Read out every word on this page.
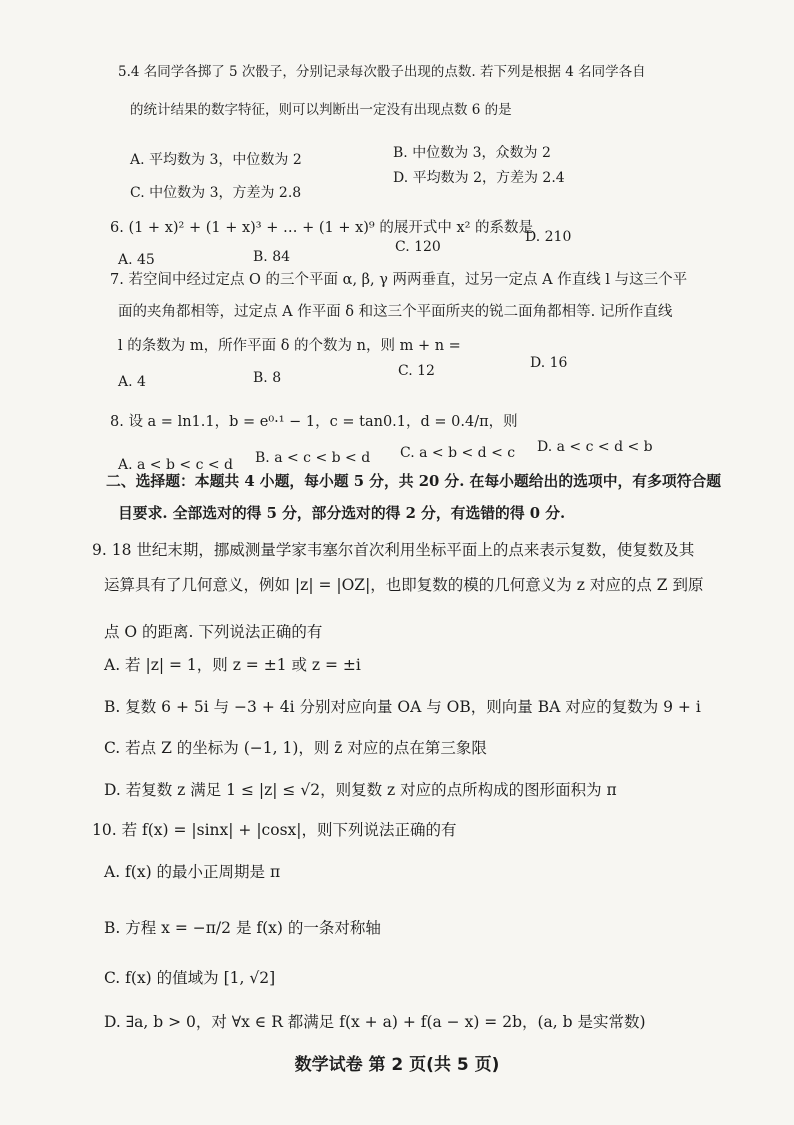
5.4 名同学各掷了 5 次骰子，分别记录每次骰子出现的点数. 若下列是根据 4 名同学各自
的统计结果的数字特征，则可以判断出一定没有出现点数 6 的是
A. 平均数为 3，中位数为 2	B. 中位数为 3，众数为 2
C. 中位数为 3，方差为 2.8
D. 平均数为 2，方差为 2.4
6. (1 + x)² + (1 + x)³ + … + (1 + x)⁹ 的展开式中 x² 的系数是
A. 45	B. 84
C. 120
D. 210
7. 若空间中经过定点 O 的三个平面 α, β, γ 两两垂直，过另一定点 A 作直线 l 与这三个平
面的夹角都相等，过定点 A 作平面 δ 和这三个平面所夹的锐二面角都相等. 记所作直线
l 的条数为 m，所作平面 δ 的个数为 n，则 m + n =
A. 4	B. 8	C. 12	D. 16
8. 设 a = ln1.1，b = e⁰·¹ − 1，c = tan0.1，d = 0.4/π，则
A. a < b < c < d B. a < c < b < d C. a < b < d < c D. a < c < d < b
二、选择题：本题共 4 小题，每小题 5 分，共 20 分. 在每小题给出的选项中，有多项符合题
目要求. 全部选对的得 5 分，部分选对的得 2 分，有选错的得 0 分.
9. 18 世纪末期，挪威测量学家韦塞尔首次利用坐标平面上的点来表示复数，使复数及其
运算具有了几何意义，例如 |z| = |OZ|，也即复数的模的几何意义为 z 对应的点 Z 到原
点 O 的距离. 下列说法正确的有
A. 若 |z| = 1，则 z = ±1 或 z = ±i
B. 复数 6 + 5i 与 −3 + 4i 分别对应向量 OA 与 OB，则向量 BA 对应的复数为 9 + i
C. 若点 Z 的坐标为 (−1, 1)，则 z̄ 对应的点在第三象限
D. 若复数 z 满足 1 ≤ |z| ≤ √2，则复数 z 对应的点所构成的图形面积为 π
10. 若 f(x) = |sinx| + |cosx|，则下列说法正确的有
A. f(x) 的最小正周期是 π
B. 方程 x = −π/2 是 f(x) 的一条对称轴
C. f(x) 的值域为 [1, √2]
D. ∃a, b > 0，对 ∀x ∈ R 都满足 f(x + a) + f(a − x) = 2b，(a, b 是实常数)
数学试卷 第 2 页(共 5 页)
